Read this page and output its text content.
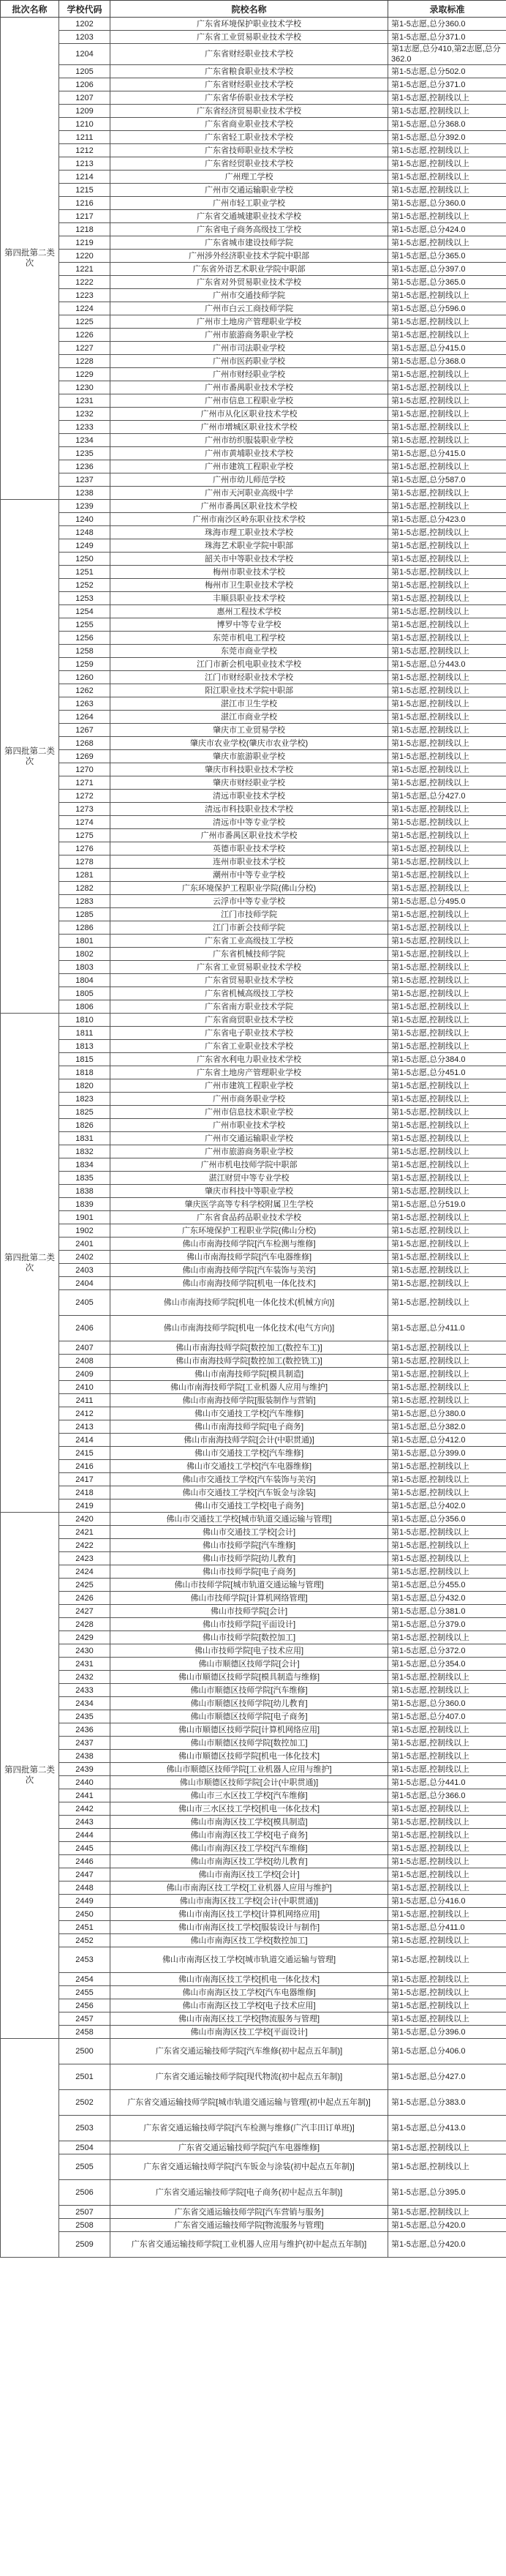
批次名称	学校代码	院校名称	录取标准
第四批第二类次	1202	广东省环境保护职业技术学校	第1-5志愿,总分360.0
	1203	广东省工业贸易职业技术学校	第1-5志愿,总分371.0
	1204	广东省财经职业技术学校	第1志愿,总分410,第2志愿,总分362.0
	1205	广东省粮食职业技术学校	第1-5志愿,总分502.0
	1206	广东省财经职业技术学校	第1-5志愿,总分371.0
	1207	广东省华侨职业技术学校	第1-5志愿,控制线以上
	1209	广东省经济贸易职业技术学校	第1-5志愿,控制线以上
	1210	广东省商业职业技术学校	第1-5志愿,总分368.0
	1211	广东省轻工职业技术学校	第1-5志愿,总分392.0
	1212	广东省技师职业技术学校	第1-5志愿,控制线以上
	1213	广东省经贸职业技术学校	第1-5志愿,控制线以上
	1214	广州理工学校	第1-5志愿,控制线以上
	1215	广州市交通运输职业学校	第1-5志愿,控制线以上
	1216	广州市轻工职业学校	第1-5志愿,总分360.0
	1217	广东省交通城建职业技术学校	第1-5志愿,控制线以上
	1218	广东省电子商务高级技工学校	第1-5志愿,总分424.0
	1219	广东省城市建设技师学院	第1-5志愿,控制线以上
	1220	广州涉外经济职业技术学院中职部	第1-5志愿,总分365.0
	1221	广东省外语艺术职业学院中职部	第1-5志愿,总分397.0
	1222	广东省对外贸易职业技术学校	第1-5志愿,总分365.0
	1223	广州市交通技师学院	第1-5志愿,控制线以上
	1224	广州市白云工商技师学院	第1-5志愿,总分596.0
	1225	广州市土地房产管理职业学校	第1-5志愿,控制线以上
	1226	广州市旅游商务职业学校	第1-5志愿,控制线以上
	1227	广州市司法职业学校	第1-5志愿,总分415.0
	1228	广州市医药职业学校	第1-5志愿,总分368.0
	1229	广州市财经职业学校	第1-5志愿,控制线以上
	1230	广州市番禺职业技术学校	第1-5志愿,控制线以上
	1231	广州市信息工程职业学校	第1-5志愿,控制线以上
	1232	广州市从化区职业技术学校	第1-5志愿,控制线以上
	1233	广州市增城区职业技术学校	第1-5志愿,控制线以上
	1234	广州市纺织服装职业学校	第1-5志愿,控制线以上
	1235	广州市黄埔职业技术学校	第1-5志愿,总分415.0
	1236	广州市建筑工程职业学校	第1-5志愿,控制线以上
	1237	广州市幼儿师范学校	第1-5志愿,总分587.0
	1238	广州市天河职业高级中学	第1-5志愿,控制线以上
第四批第二类次	1239	广州市番禺区职业技术学校	第1-5志愿,控制线以上
	1240	广州市南沙区岭东职业技术学校	第1-5志愿,总分423.0
	1248	珠海市理工职业技术学校	第1-5志愿,控制线以上
	1249	珠海艺术职业学院中职部	第1-5志愿,控制线以上
	1250	韶关市中等职业技术学校	第1-5志愿,控制线以上
	1251	梅州市职业技术学校	第1-5志愿,控制线以上
	1252	梅州市卫生职业技术学校	第1-5志愿,控制线以上
	1253	丰顺县职业技术学校	第1-5志愿,控制线以上
	1254	惠州工程技术学校	第1-5志愿,控制线以上
	1255	博罗中等专业学校	第1-5志愿,控制线以上
	1256	东莞市机电工程学校	第1-5志愿,控制线以上
	1258	东莞市商业学校	第1-5志愿,控制线以上
	1259	江门市新会机电职业技术学校	第1-5志愿,总分443.0
	1260	江门市财经职业技术学校	第1-5志愿,控制线以上
	1262	阳江职业技术学院中职部	第1-5志愿,控制线以上
	1263	湛江市卫生学校	第1-5志愿,控制线以上
	1264	湛江市商业学校	第1-5志愿,控制线以上
	1267	肇庆市工业贸易学校	第1-5志愿,控制线以上
	1268	肇庆市农业学校(肇庆市农业学校)	第1-5志愿,控制线以上
	1269	肇庆市旅游职业学校	第1-5志愿,控制线以上
	1270	肇庆市科技职业技术学校	第1-5志愿,控制线以上
	1271	肇庆市财经职业学校	第1-5志愿,控制线以上
	1272	清远市职业技术学校	第1-5志愿,总分427.0
	1273	清远市科技职业技术学校	第1-5志愿,控制线以上
	1274	清远市中等专业学校	第1-5志愿,控制线以上
	1275	广州市番禺区职业技术学校	第1-5志愿,控制线以上
	1276	英德市职业技术学校	第1-5志愿,控制线以上
	1278	连州市职业技术学校	第1-5志愿,控制线以上
	1281	潮州市中等专业学校	第1-5志愿,控制线以上
	1282	广东环境保护工程职业学院(佛山分校)	第1-5志愿,控制线以上
	1283	云浮市中等专业学校	第1-5志愿,总分495.0
	1285	江门市技师学院	第1-5志愿,控制线以上
	1286	江门市新会技师学院	第1-5志愿,控制线以上
	1801	广东省工业高级技工学校	第1-5志愿,控制线以上
	1802	广东省机械技师学院	第1-5志愿,控制线以上
	1803	广东省工业贸易职业技术学校	第1-5志愿,控制线以上
	1804	广东省贸易职业技术学校	第1-5志愿,控制线以上
	1805	广东省机械高级技工学校	第1-5志愿,控制线以上
	1806	广东省南方职业技术学院	第1-5志愿,控制线以上
第四批第二类次	1810	广东省商贸职业技术学校	第1-5志愿,控制线以上
	1811	广东省电子职业技术学校	第1-5志愿,控制线以上
	1813	广东省工业职业技术学校	第1-5志愿,控制线以上
	1815	广东省水利电力职业技术学校	第1-5志愿,总分384.0
	1818	广东省土地房产管理职业学校	第1-5志愿,总分451.0
	1820	广州市建筑工程职业学校	第1-5志愿,控制线以上
	1823	广州市商务职业学校	第1-5志愿,控制线以上
	1825	广州市信息技术职业学校	第1-5志愿,控制线以上
	1826	广州市职业技术学校	第1-5志愿,控制线以上
	1831	广州市交通运输职业学校	第1-5志愿,控制线以上
	1832	广州市旅游商务职业学校	第1-5志愿,控制线以上
	1834	广州市机电技师学院中职部	第1-5志愿,控制线以上
	1835	湛江财贸中等专业学校	第1-5志愿,控制线以上
	1838	肇庆市科技中等职业学校	第1-5志愿,控制线以上
	1839	肇庆医学高等专科学校附属卫生学校	第1-5志愿,总分519.0
	1901	广东省食品药品职业技术学校	第1-5志愿,控制线以上
	1902	广东环境保护工程职业学院(佛山分校)	第1-5志愿,控制线以上
	2401	佛山市南海技师学院[汽车检测与维修]	第1-5志愿,控制线以上
	2402	佛山市南海技师学院[汽车电器维修]	第1-5志愿,控制线以上
	2403	佛山市南海技师学院[汽车装饰与美容]	第1-5志愿,控制线以上
	2404	佛山市南海技师学院[机电一体化技术]	第1-5志愿,控制线以上
	2405	佛山市南海技师学院[机电一体化技术(机械方向)]	第1-5志愿,控制线以上
	2406	佛山市南海技师学院[机电一体化技术(电气方向)]	第1-5志愿,总分411.0
	2407	佛山市南海技师学院[数控加工(数控车工)]	第1-5志愿,控制线以上
	2408	佛山市南海技师学院[数控加工(数控铣工)]	第1-5志愿,控制线以上
	2409	佛山市南海技师学院[模具制造]	第1-5志愿,控制线以上
	2410	佛山市南海技师学院[工业机器人应用与维护]	第1-5志愿,控制线以上
	2411	佛山市南海技师学院[服装制作与营销]	第1-5志愿,控制线以上
	2412	佛山市交通技工学校[汽车维修]	第1-5志愿,总分380.0
	2413	佛山市南海技师学院[电子商务]	第1-5志愿,总分382.0
	2414	佛山市南海技师学院[会计(中职贯通)]	第1-5志愿,总分412.0
	2415	佛山市交通技工学校[汽车维修]	第1-5志愿,总分399.0
	2416	佛山市交通技工学校[汽车电器维修]	第1-5志愿,控制线以上
	2417	佛山市交通技工学校[汽车装饰与美容]	第1-5志愿,控制线以上
	2418	佛山市交通技工学校[汽车钣金与涂装]	第1-5志愿,控制线以上
	2419	佛山市交通技工学校[电子商务]	第1-5志愿,总分402.0
第四批第二类次	2420	佛山市交通技工学校[城市轨道交通运输与管理]	第1-5志愿,总分356.0
	2421	佛山市交通技工学校[会计]	第1-5志愿,控制线以上
	2422	佛山市技师学院[汽车维修]	第1-5志愿,控制线以上
	2423	佛山市技师学院[幼儿教育]	第1-5志愿,控制线以上
	2424	佛山市技师学院[电子商务]	第1-5志愿,控制线以上
	2425	佛山市技师学院[城市轨道交通运输与管理]	第1-5志愿,总分455.0
	2426	佛山市技师学院[计算机网络管理]	第1-5志愿,总分432.0
	2427	佛山市技师学院[会计]	第1-5志愿,总分381.0
	2428	佛山市技师学院[平面设计]	第1-5志愿,总分379.0
	2429	佛山市技师学院[数控加工]	第1-5志愿,控制线以上
	2430	佛山市技师学院[电子技术应用]	第1-5志愿,总分372.0
	2431	佛山市顺德区技师学院[会计]	第1-5志愿,总分354.0
	2432	佛山市顺德区技师学院[模具制造与维修]	第1-5志愿,控制线以上
	2433	佛山市顺德区技师学院[汽车维修]	第1-5志愿,控制线以上
	2434	佛山市顺德区技师学院[幼儿教育]	第1-5志愿,总分360.0
	2435	佛山市顺德区技师学院[电子商务]	第1-5志愿,总分407.0
	2436	佛山市顺德区技师学院[计算机网络应用]	第1-5志愿,控制线以上
	2437	佛山市顺德区技师学院[数控加工]	第1-5志愿,控制线以上
	2438	佛山市顺德区技师学院[机电一体化技术]	第1-5志愿,控制线以上
	2439	佛山市顺德区技师学院[工业机器人应用与维护]	第1-5志愿,控制线以上
	2440	佛山市顺德区技师学院[会计(中职贯通)]	第1-5志愿,总分441.0
	2441	佛山市三水区技工学校[汽车维修]	第1-5志愿,总分366.0
	2442	佛山市三水区技工学校[机电一体化技术]	第1-5志愿,控制线以上
	2443	佛山市南海区技工学校[模具制造]	第1-5志愿,控制线以上
	2444	佛山市南海区技工学校[电子商务]	第1-5志愿,控制线以上
	2445	佛山市南海区技工学校[汽车维修]	第1-5志愿,控制线以上
	2446	佛山市南海区技工学校[幼儿教育]	第1-5志愿,控制线以上
	2447	佛山市南海区技工学校[会计]	第1-5志愿,控制线以上
	2448	佛山市南海区技工学校[工业机器人应用与维护]	第1-5志愿,控制线以上
	2449	佛山市南海区技工学校[会计(中职贯通)]	第1-5志愿,总分416.0
	2450	佛山市南海区技工学校[计算机网络应用]	第1-5志愿,控制线以上
	2451	佛山市南海区技工学校[服装设计与制作]	第1-5志愿,总分411.0
	2452	佛山市南海区技工学校[数控加工]	第1-5志愿,控制线以上
	2453	佛山市南海区技工学校[城市轨道交通运输与管理]	第1-5志愿,控制线以上
	2454	佛山市南海区技工学校[机电一体化技术]	第1-5志愿,控制线以上
	2455	佛山市南海区技工学校[汽车电器维修]	第1-5志愿,控制线以上
	2456	佛山市南海区技工学校[电子技术应用]	第1-5志愿,控制线以上
	2457	佛山市南海区技工学校[物流服务与管理]	第1-5志愿,控制线以上
	2458	佛山市南海区技工学校[平面设计]	第1-5志愿,总分396.0
	2500	广东省交通运输技师学院[汽车维修(初中起点五年制)]	第1-5志愿,总分406.0
	2501	广东省交通运输技师学院[现代物流(初中起点五年制)]	第1-5志愿,总分427.0
	2502	广东省交通运输技师学院[城市轨道交通运输与管理(初中起点五年制)]	第1-5志愿,总分383.0
	2503	广东省交通运输技师学院[汽车检测与维修(广汽丰田订单班)]	第1-5志愿,总分413.0
	2504	广东省交通运输技师学院[汽车电器维修]	第1-5志愿,控制线以上
	2505	广东省交通运输技师学院[汽车钣金与涂装(初中起点五年制)]	第1-5志愿,控制线以上
	2506	广东省交通运输技师学院[电子商务(初中起点五年制)]	第1-5志愿,总分395.0
	2507	广东省交通运输技师学院[汽车营销与服务]	第1-5志愿,控制线以上
	2508	广东省交通运输技师学院[物流服务与管理]	第1-5志愿,总分420.0
	2509	广东省交通运输技师学院[工业机器人应用与维护(初中起点五年制)]	第1-5志愿,总分420.0
